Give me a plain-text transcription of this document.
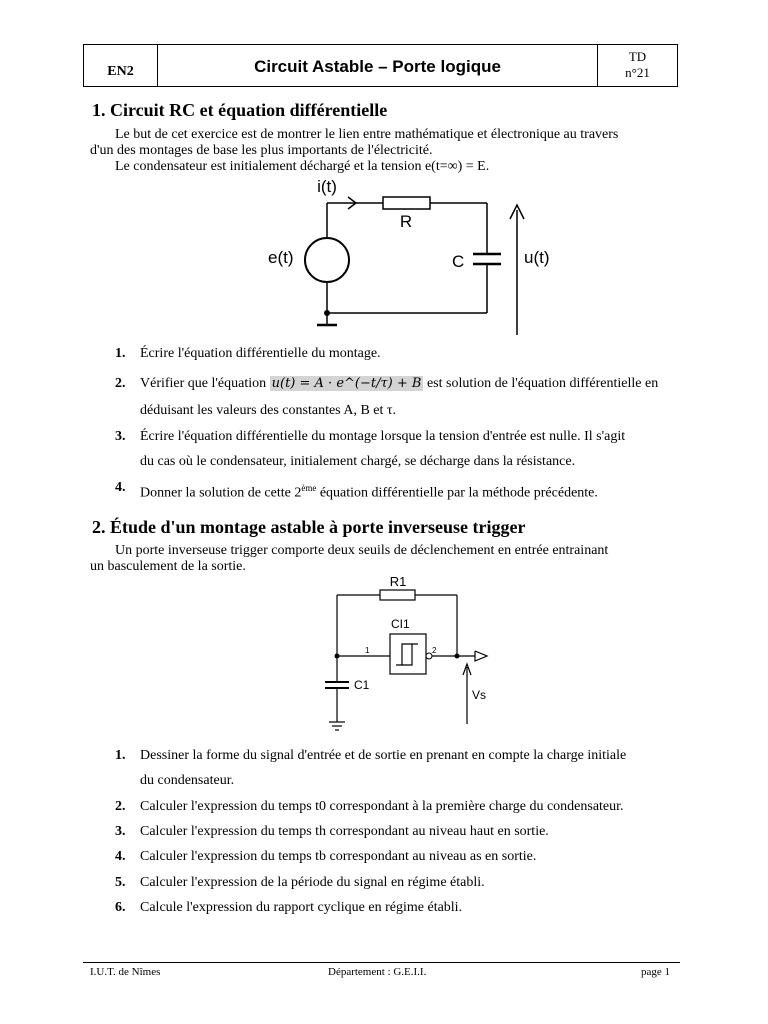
EN2	Circuit Astable – Porte logique
TD
n°21
1. Circuit RC et équation différentielle
Le but de cet exercice est de montrer le lien entre mathématique et électronique au travers
d'un des montages de base les plus importants de l'électricité.
Le condensateur est initialement déchargé et la tension e(t=∞) = E.
i(t)
R
e(t)	C	u(t)
1. Écrire l'équation différentielle du montage.
2. Vérifier que l'équation u(t) = A · e^(−t/τ) + B est solution de l'équation différentielle en
déduisant les valeurs des constantes A, B et τ.
3. Écrire l'équation différentielle du montage lorsque la tension d'entrée est nulle. Il s'agit
du cas où le condensateur, initialement chargé, se décharge dans la résistance.
4. Donner la solution de cette 2ème équation différentielle par la méthode précédente.
2. Étude d'un montage astable à porte inverseuse trigger
Un porte inverseuse trigger comporte deux seuils de déclenchement en entrée entrainant
un basculement de la sortie.
R1
CI1
1	2
C1
Vs
1. Dessiner la forme du signal d'entrée et de sortie en prenant en compte la charge initiale
du condensateur.
2. Calculer l'expression du temps t0 correspondant à la première charge du condensateur.
3. Calculer l'expression du temps th correspondant au niveau haut en sortie.
4. Calculer l'expression du temps tb correspondant au niveau as en sortie.
5. Calculer l'expression de la période du signal en régime établi.
6. Calcule l'expression du rapport cyclique en régime établi.
I.U.T. de Nîmes	Département : G.E.I.I.	page 1
